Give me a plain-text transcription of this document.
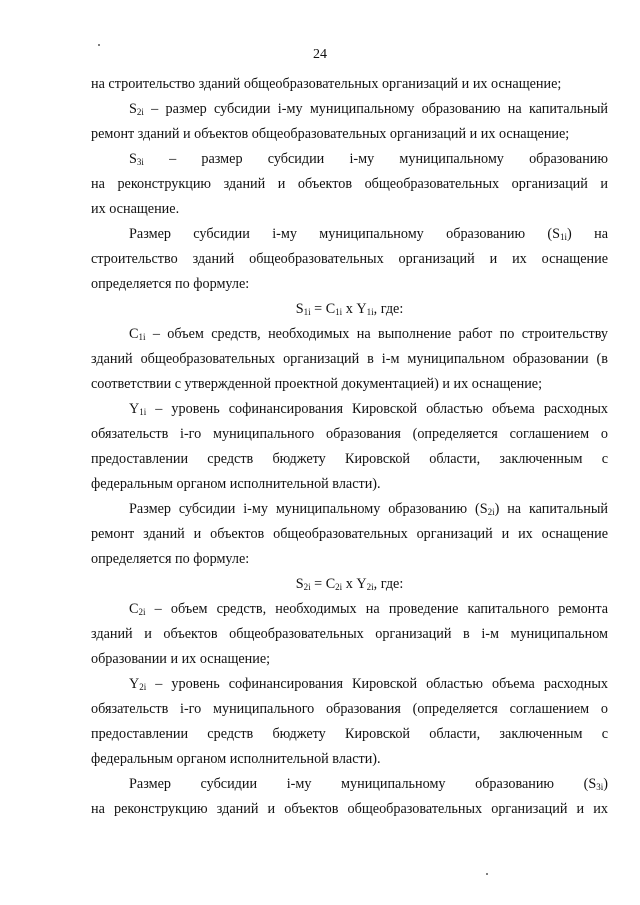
24
на строительство зданий общеобразовательных организаций и их оснащение;
$S_{2i}$ – размер субсидии i-му муниципальному образованию на капитальный
ремонт зданий и объектов общеобразовательных организаций и их оснащение;
$S_{3i}$ – размер субсидии i-му муниципальному образованию
на реконструкцию зданий и объектов общеобразовательных организаций и
их оснащение.
Размер субсидии i-му муниципальному образованию $(S_{1i})$ на
строительство зданий общеобразовательных организаций и их оснащение
определяется по формуле:
$S_{1i} = C_{1i}$ х $Y_{1i}$, где:
$C_{1i}$ – объем средств, необходимых на выполнение работ по строительству
зданий общеобразовательных организаций в i-м муниципальном образовании (в
соответствии с утвержденной проектной документацией) и их оснащение;
$Y_{1i}$ – уровень софинансирования Кировской областью объема расходных
обязательств i-го муниципального образования (определяется соглашением о
предоставлении средств бюджету Кировской области, заключенным с
федеральным органом исполнительной власти).
Размер субсидии i-му муниципальному образованию $(S_{2i})$ на капитальный
ремонт зданий и объектов общеобразовательных организаций и их оснащение
определяется по формуле:
$S_{2i} = C_{2i}$ х $Y_{2i}$, где:
$C_{2i}$ – объем средств, необходимых на проведение капитального ремонта
зданий и объектов общеобразовательных организаций в i-м муниципальном
образовании и их оснащение;
$Y_{2i}$ – уровень софинансирования Кировской областью объема расходных
обязательств i-го муниципального образования (определяется соглашением о
предоставлении средств бюджету Кировской области, заключенным с
федеральным органом исполнительной власти).
Размер субсидии i-му муниципальному образованию $(S_{3i})$
на реконструкцию зданий и объектов общеобразовательных организаций и их
